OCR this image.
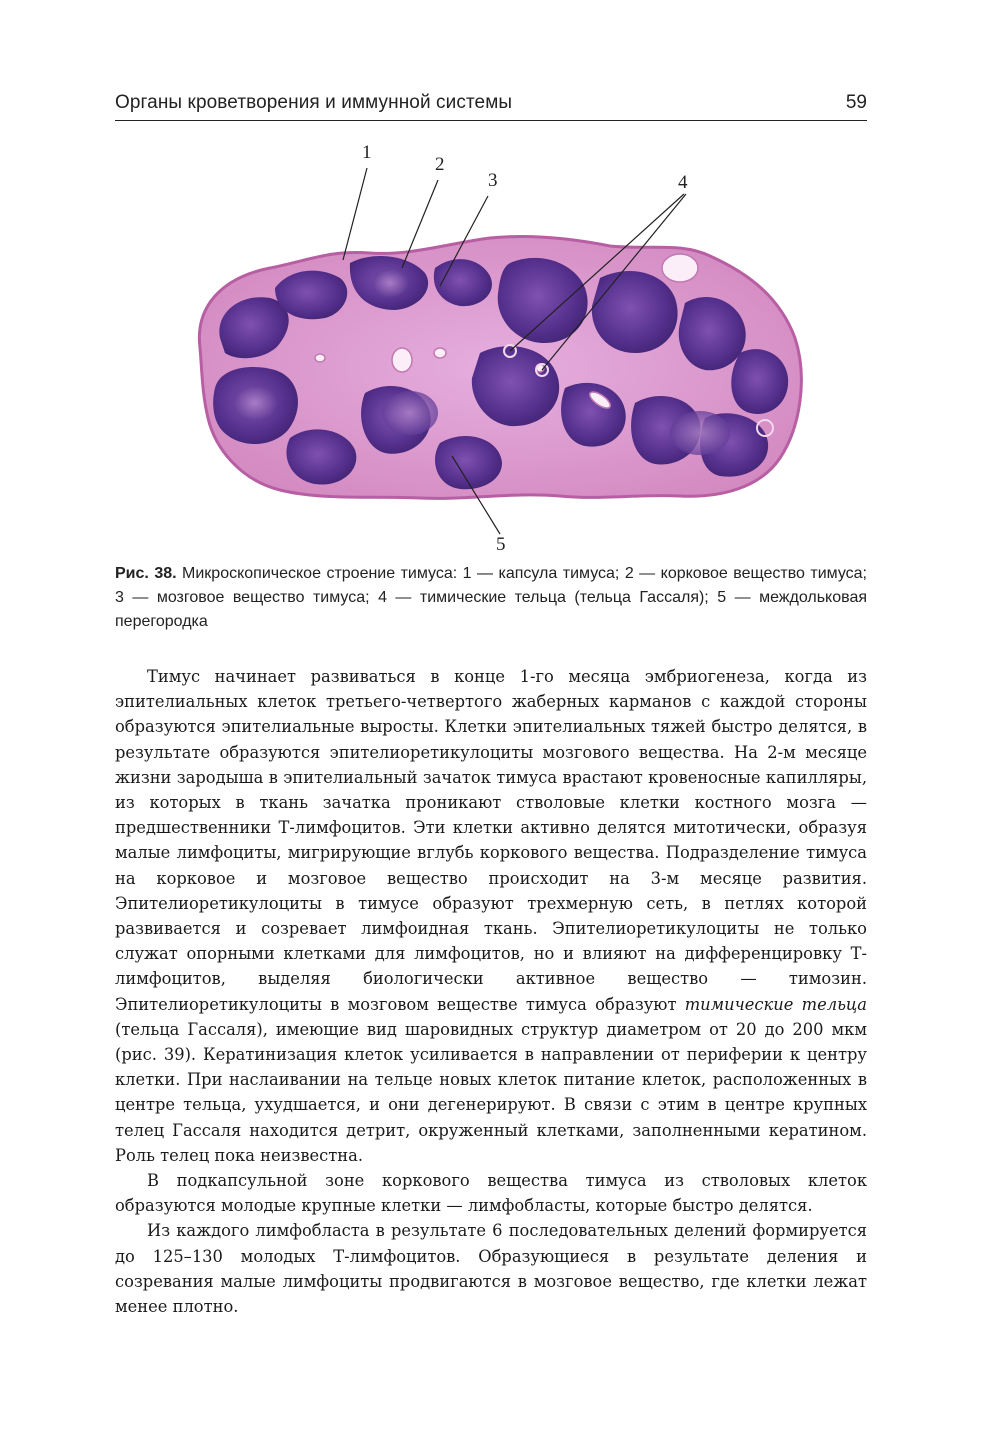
Органы кроветворения и иммунной системы	59
1
2
3	4
5
Рис. 38. Микроскопическое строение тимуса: 1 — капсула тимуса; 2 — корковое вещество тимуса; 3 — мозговое вещество тимуса; 4 — тимические тельца (тельца Гассаля); 5 — междольковая перегородка

Тимус начинает развиваться в конце 1-го месяца эмбриогенеза, когда из эпителиальных клеток третьего-четвертого жаберных карманов с каждой стороны образуются эпителиальные выросты. Клетки эпителиальных тяжей быстро делятся, в результате образуются эпителиоретикулоциты мозгового вещества. На 2-м месяце жизни зародыша в эпителиальный зачаток тимуса врастают кровеносные капилляры, из которых в ткань зачатка проникают стволовые клетки костного мозга — предшественники Т-лимфоцитов. Эти клетки активно делятся митотически, образуя малые лимфоциты, мигрирующие вглубь коркового вещества. Подразделение тимуса на корковое и мозговое вещество происходит на 3-м месяце развития. Эпителиоретикулоциты в тимусе образуют трехмерную сеть, в петлях которой развивается и созревает лимфоидная ткань. Эпителиоретикулоциты не только служат опорными клетками для лимфоцитов, но и влияют на дифференцировку Т-лимфоцитов, выделяя биологически активное вещество — тимозин. Эпителиоретикулоциты в мозговом веществе тимуса образуют тимические тельца (тельца Гассаля), имеющие вид шаровидных структур диаметром от 20 до 200 мкм (рис. 39). Кератинизация клеток усиливается в направлении от периферии к центру клетки. При наслаивании на тельце новых клеток питание клеток, расположенных в центре тельца, ухудшается, и они дегенерируют. В связи с этим в центре крупных телец Гассаля находится детрит, окруженный клетками, заполненными кератином. Роль телец пока неизвестна.

В подкапсульной зоне коркового вещества тимуса из стволовых клеток образуются молодые крупные клетки — лимфобласты, которые быстро делятся.

Из каждого лимфобласта в результате 6 последовательных делений формируется до 125–130 молодых Т-лимфоцитов. Образующиеся в результате деления и созревания малые лимфоциты продвигаются в мозговое вещество, где клетки лежат менее плотно.
